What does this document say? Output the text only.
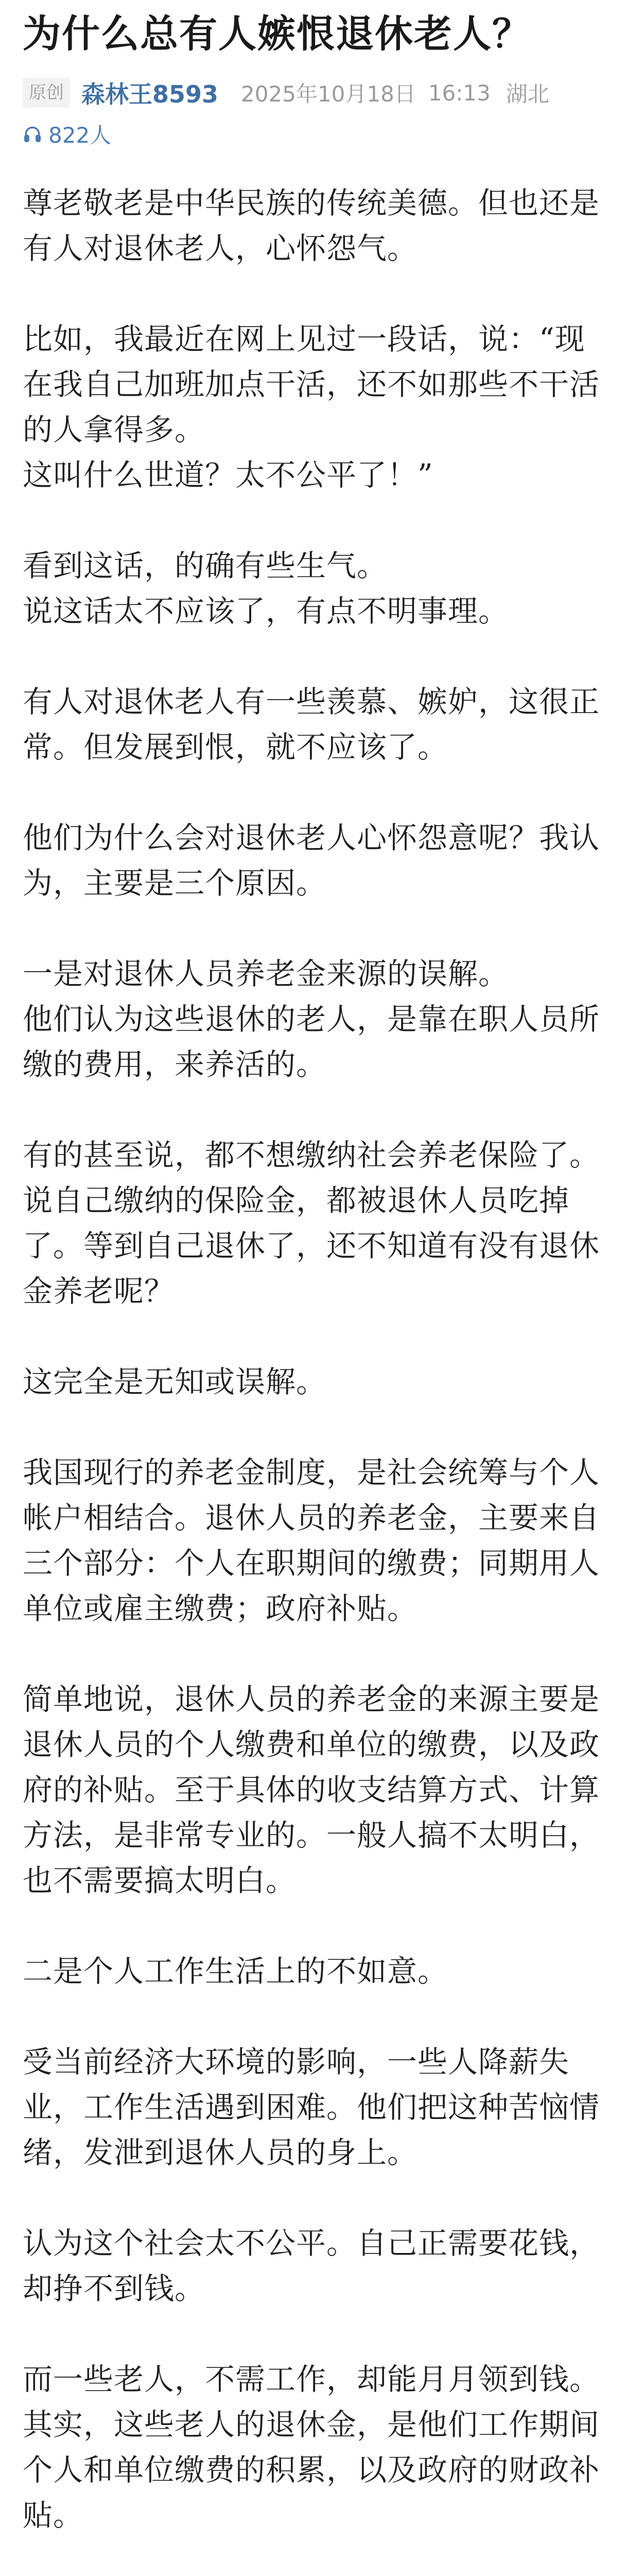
为什么总有人嫉恨退休老人？
原创 森林王8593 2025年10月18日 16:13 湖北
822人

尊老敬老是中华民族的传统美德。但也还是有人对退休老人，心怀怨气。

比如，我最近在网上见过一段话，说：“现在我自己加班加点干活，还不如那些不干活的人拿得多。
这叫什么世道？太不公平了！”

看到这话，的确有些生气。
说这话太不应该了，有点不明事理。

有人对退休老人有一些羡慕、嫉妒，这很正常。但发展到恨，就不应该了。

他们为什么会对退休老人心怀怨意呢？我认为，主要是三个原因。

一是对退休人员养老金来源的误解。
他们认为这些退休的老人，是靠在职人员所缴的费用，来养活的。

有的甚至说，都不想缴纳社会养老保险了。说自己缴纳的保险金，都被退休人员吃掉了。等到自己退休了，还不知道有没有退休金养老呢？

这完全是无知或误解。

我国现行的养老金制度，是社会统筹与个人帐户相结合。退休人员的养老金，主要来自三个部分：个人在职期间的缴费；同期用人单位或雇主缴费；政府补贴。

简单地说，退休人员的养老金的来源主要是退休人员的个人缴费和单位的缴费，以及政府的补贴。至于具体的收支结算方式、计算方法，是非常专业的。一般人搞不太明白，也不需要搞太明白。

二是个人工作生活上的不如意。

受当前经济大环境的影响，一些人降薪失业，工作生活遇到困难。他们把这种苦恼情绪，发泄到退休人员的身上。

认为这个社会太不公平。自己正需要花钱，却挣不到钱。

而一些老人，不需工作，却能月月领到钱。其实，这些老人的退休金，是他们工作期间个人和单位缴费的积累，以及政府的财政补贴。
